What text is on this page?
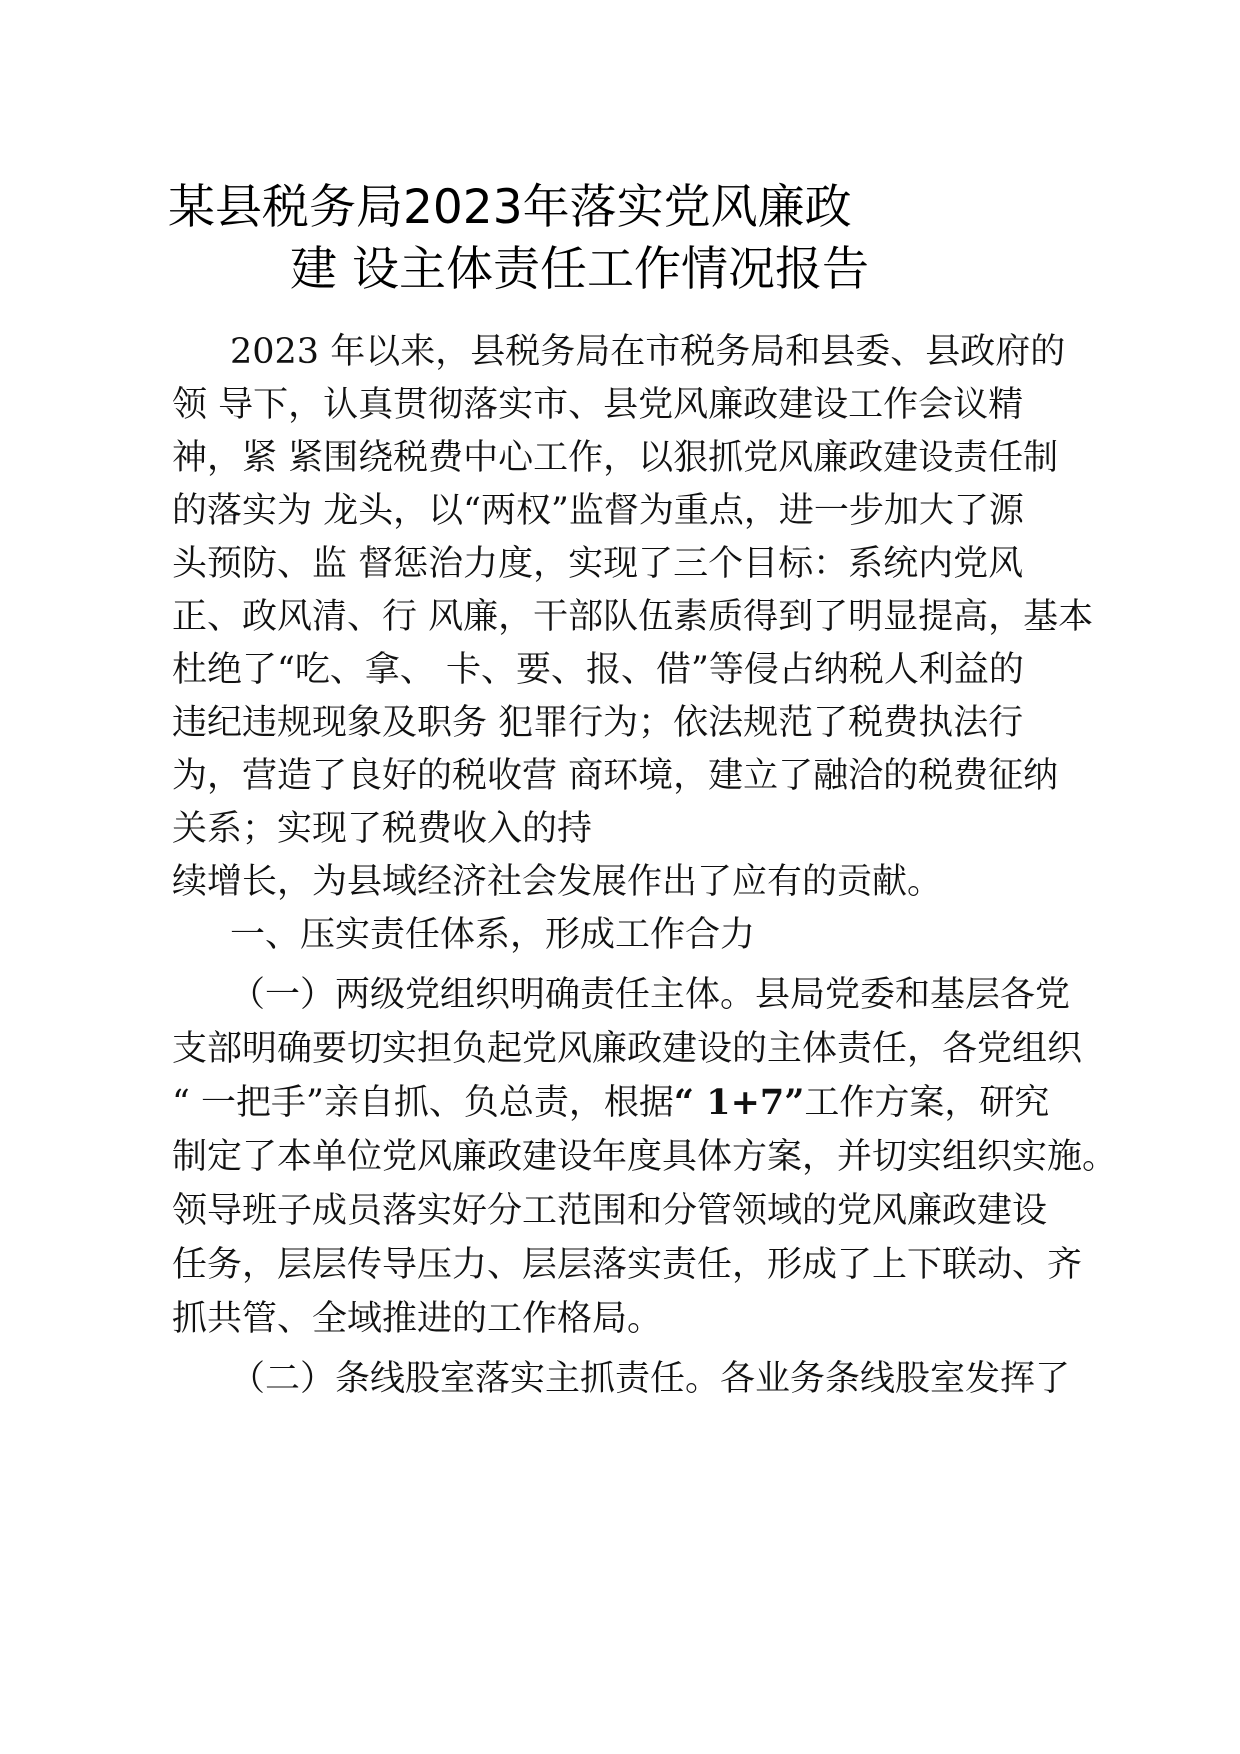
某县税务局2023年落实党风廉政
建 设主体责任工作情况报告
2023 年以来，县税务局在市税务局和县委、县政府的
领 导下，认真贯彻落实市、县党风廉政建设工作会议精
神，紧 紧围绕税费中心工作，以狠抓党风廉政建设责任制
的落实为 龙头，以“两权”监督为重点，进一步加大了源
头预防、监 督惩治力度，实现了三个目标：系统内党风
正、政风清、行 风廉，干部队伍素质得到了明显提高，基本
杜绝了“吃、拿、 卡、要、报、借”等侵占纳税人利益的
违纪违规现象及职务 犯罪行为；依法规范了税费执法行
为，营造了良好的税收营 商环境，建立了融洽的税费征纳
关系；实现了税费收入的持
续增长，为县域经济社会发展作出了应有的贡献。
一、压实责任体系，形成工作合力
（一）两级党组织明确责任主体。县局党委和基层各党
支部明确要切实担负起党风廉政建设的主体责任，各党组织
“ 一把手”亲自抓、负总责，根据“ 1+7”工作方案，研究
制定了本单位党风廉政建设年度具体方案，并切实组织实施。
领导班子成员落实好分工范围和分管领域的党风廉政建设
任务，层层传导压力、层层落实责任，形成了上下联动、齐
抓共管、全域推进的工作格局。
（二）条线股室落实主抓责任。各业务条线股室发挥了
